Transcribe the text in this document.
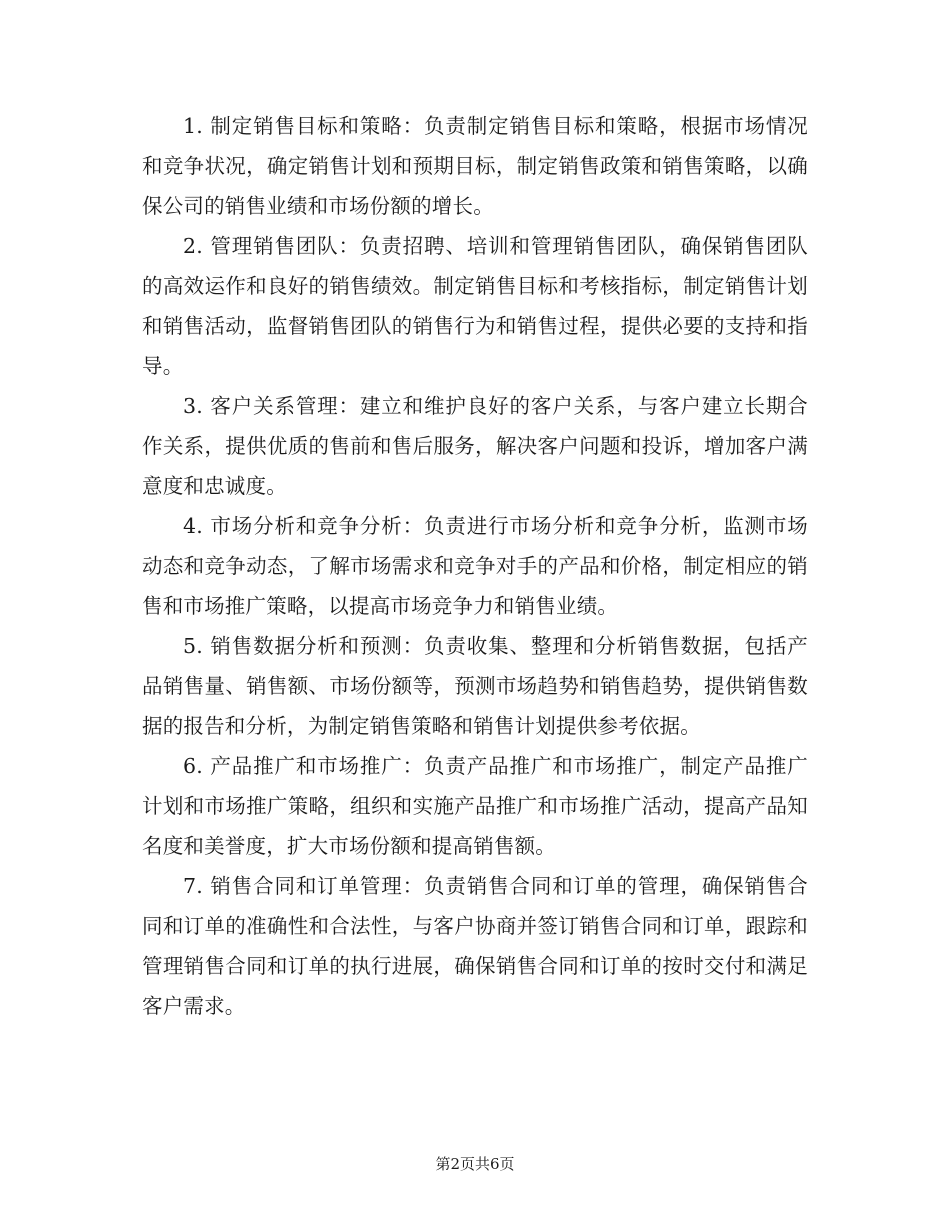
1. 制定销售目标和策略：负责制定销售目标和策略，根据市场情况和竞争状况，确定销售计划和预期目标，制定销售政策和销售策略，以确保公司的销售业绩和市场份额的增长。

2. 管理销售团队：负责招聘、培训和管理销售团队，确保销售团队的高效运作和良好的销售绩效。制定销售目标和考核指标，制定销售计划和销售活动，监督销售团队的销售行为和销售过程，提供必要的支持和指导。

3. 客户关系管理：建立和维护良好的客户关系，与客户建立长期合作关系，提供优质的售前和售后服务，解决客户问题和投诉，增加客户满意度和忠诚度。

4. 市场分析和竞争分析：负责进行市场分析和竞争分析，监测市场动态和竞争动态，了解市场需求和竞争对手的产品和价格，制定相应的销售和市场推广策略，以提高市场竞争力和销售业绩。

5. 销售数据分析和预测：负责收集、整理和分析销售数据，包括产品销售量、销售额、市场份额等，预测市场趋势和销售趋势，提供销售数据的报告和分析，为制定销售策略和销售计划提供参考依据。

6. 产品推广和市场推广：负责产品推广和市场推广，制定产品推广计划和市场推广策略，组织和实施产品推广和市场推广活动，提高产品知名度和美誉度，扩大市场份额和提高销售额。

7. 销售合同和订单管理：负责销售合同和订单的管理，确保销售合同和订单的准确性和合法性，与客户协商并签订销售合同和订单，跟踪和管理销售合同和订单的执行进展，确保销售合同和订单的按时交付和满足客户需求。

第2页共6页
